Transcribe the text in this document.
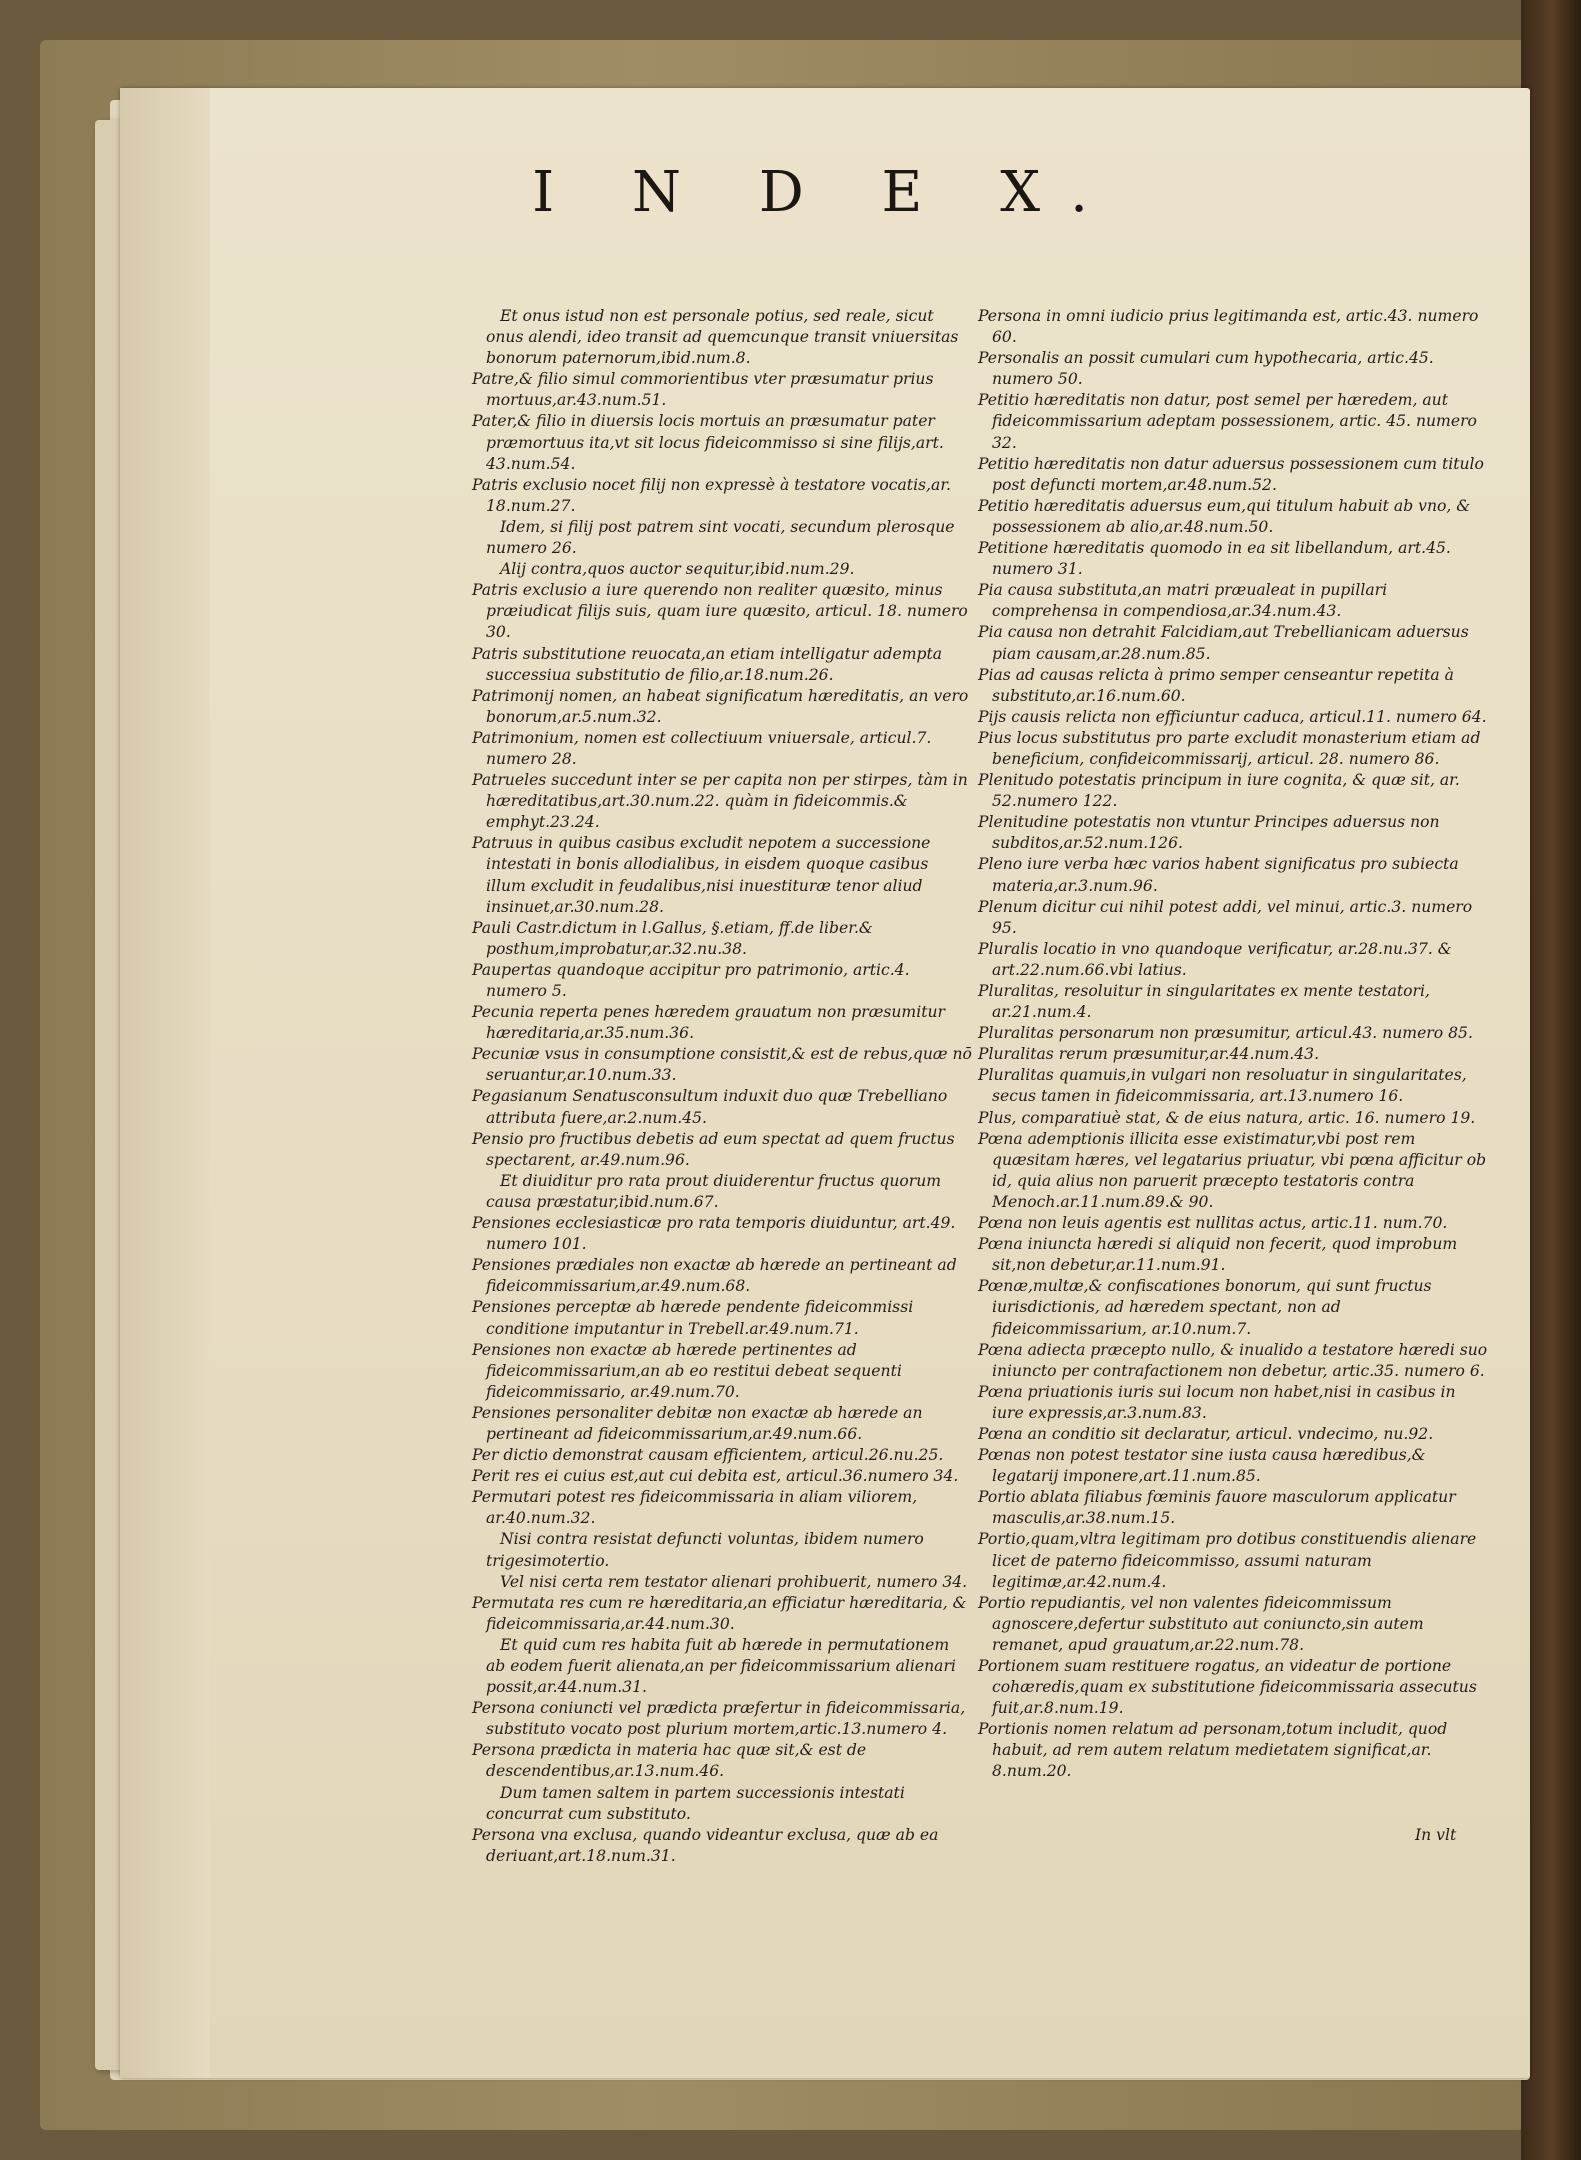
I N D E X.

Et onus istud non est personale potius, sed reale, sicut onus alendi, ideo transit ad quemcunque transit vniuersitas bonorum paternorum,ibid.num.8.

Patre,& filio simul commorientibus vter præsumatur prius mortuus,ar.43.num.51.

Pater,& filio in diuersis locis mortuis an præsumatur pater præmortuus ita,vt sit locus fideicommisso si sine filijs,art. 43.num.54.

Patris exclusio nocet filij non expressè à testatore vocatis,ar. 18.num.27.

Idem, si filij post patrem sint vocati, secundum plerosque numero 26.

Alij contra,quos auctor sequitur,ibid.num.29.

Patris exclusio a iure querendo non realiter quæsito, minus præiudicat filijs suis, quam iure quæsito, articul. 18. numero 30.

Patris substitutione reuocata,an etiam intelligatur adempta successiua substitutio de filio,ar.18.num.26.

Patrimonij nomen, an habeat significatum hæreditatis, an vero bonorum,ar.5.num.32.

Patrimonium, nomen est collectiuum vniuersale, articul.7. numero 28.

Patrueles succedunt inter se per capita non per stirpes, tàm in hæreditatibus,art.30.num.22. quàm in fideicommis.& emphyt.23.24.

Patruus in quibus casibus excludit nepotem a successione intestati in bonis allodialibus, in eisdem quoque casibus illum excludit in feudalibus,nisi inuestituræ tenor aliud insinuet,ar.30.num.28.

Pauli Castr.dictum in l.Gallus, §.etiam, ff.de liber.& posthum,improbatur,ar.32.nu.38.

Paupertas quandoque accipitur pro patrimonio, artic.4. numero 5.

Pecunia reperta penes hæredem grauatum non præsumitur hæreditaria,ar.35.num.36.

Pecuniæ vsus in consumptione consistit,& est de rebus,quæ nō seruantur,ar.10.num.33.

Pegasianum Senatusconsultum induxit duo quæ Trebelliano attributa fuere,ar.2.num.45.

Pensio pro fructibus debetis ad eum spectat ad quem fructus spectarent, ar.49.num.96.

Et diuiditur pro rata prout diuiderentur fructus quorum causa præstatur,ibid.num.67.

Pensiones ecclesiasticæ pro rata temporis diuiduntur, art.49. numero 101.

Pensiones prædiales non exactæ ab hærede an pertineant ad fideicommissarium,ar.49.num.68.

Pensiones perceptæ ab hærede pendente fideicommissi conditione imputantur in Trebell.ar.49.num.71.

Pensiones non exactæ ab hærede pertinentes ad fideicommissarium,an ab eo restitui debeat sequenti fideicommissario, ar.49.num.70.

Pensiones personaliter debitæ non exactæ ab hærede an pertineant ad fideicommissarium,ar.49.num.66.

Per dictio demonstrat causam efficientem, articul.26.nu.25.

Perit res ei cuius est,aut cui debita est, articul.36.numero 34.

Permutari potest res fideicommissaria in aliam viliorem, ar.40.num.32.

Nisi contra resistat defuncti voluntas, ibidem numero trigesimotertio.

Vel nisi certa rem testator alienari prohibuerit, numero 34.

Permutata res cum re hæreditaria,an efficiatur hæreditaria, & fideicommissaria,ar.44.num.30.

Et quid cum res habita fuit ab hærede in permutationem ab eodem fuerit alienata,an per fideicommissarium alienari possit,ar.44.num.31.

Persona coniuncti vel prædicta præfertur in fideicommissaria, substituto vocato post plurium mortem,artic.13.numero 4.

Persona prædicta in materia hac quæ sit,& est de descendentibus,ar.13.num.46.

Dum tamen saltem in partem successionis intestati concurrat cum substituto.

Persona vna exclusa, quando videantur exclusa, quæ ab ea deriuant,art.18.num.31.

Persona in omni iudicio prius legitimanda est, artic.43. numero 60.

Personalis an possit cumulari cum hypothecaria, artic.45. numero 50.

Petitio hæreditatis non datur, post semel per hæredem, aut fideicommissarium adeptam possessionem, artic. 45. numero 32.

Petitio hæreditatis non datur aduersus possessionem cum titulo post defuncti mortem,ar.48.num.52.

Petitio hæreditatis aduersus eum,qui titulum habuit ab vno, & possessionem ab alio,ar.48.num.50.

Petitione hæreditatis quomodo in ea sit libellandum, art.45. numero 31.

Pia causa substituta,an matri præualeat in pupillari comprehensa in compendiosa,ar.34.num.43.

Pia causa non detrahit Falcidiam,aut Trebellianicam aduersus piam causam,ar.28.num.85.

Pias ad causas relicta à primo semper censeantur repetita à substituto,ar.16.num.60.

Pijs causis relicta non efficiuntur caduca, articul.11. numero 64.

Pius locus substitutus pro parte excludit monasterium etiam ad beneficium, confideicommissarij, articul. 28. numero 86.

Plenitudo potestatis principum in iure cognita, & quæ sit, ar. 52.numero 122.

Plenitudine potestatis non vtuntur Principes aduersus non subditos,ar.52.num.126.

Pleno iure verba hæc varios habent significatus pro subiecta materia,ar.3.num.96.

Plenum dicitur cui nihil potest addi, vel minui, artic.3. numero 95.

Pluralis locatio in vno quandoque verificatur, ar.28.nu.37. & art.22.num.66.vbi latius.

Pluralitas, resoluitur in singularitates ex mente testatori, ar.21.num.4.

Pluralitas personarum non præsumitur, articul.43. numero 85.

Pluralitas rerum præsumitur,ar.44.num.43.

Pluralitas quamuis,in vulgari non resoluatur in singularitates, secus tamen in fideicommissaria, art.13.numero 16.

Plus, comparatiuè stat, & de eius natura, artic. 16. numero 19.

Pœna ademptionis illicita esse existimatur,vbi post rem quæsitam hæres, vel legatarius priuatur, vbi pœna afficitur ob id, quia alius non paruerit præcepto testatoris contra Menoch.ar.11.num.89.& 90.

Pœna non leuis agentis est nullitas actus, artic.11. num.70.

Pœna iniuncta hæredi si aliquid non fecerit, quod improbum sit,non debetur,ar.11.num.91.

Pœnæ,multæ,& confiscationes bonorum, qui sunt fructus iurisdictionis, ad hæredem spectant, non ad fideicommissarium, ar.10.num.7.

Pœna adiecta præcepto nullo, & inualido a testatore hæredi suo iniuncto per contrafactionem non debetur, artic.35. numero 6.

Pœna priuationis iuris sui locum non habet,nisi in casibus in iure expressis,ar.3.num.83.

Pœna an conditio sit declaratur, articul. vndecimo, nu.92.

Pœnas non potest testator sine iusta causa hæredibus,& legatarij imponere,art.11.num.85.

Portio ablata filiabus fœminis fauore masculorum applicatur masculis,ar.38.num.15.

Portio,quam,vltra legitimam pro dotibus constituendis alienare licet de paterno fideicommisso, assumi naturam legitimæ,ar.42.num.4.

Portio repudiantis, vel non valentes fideicommissum agnoscere,defertur substituto aut coniuncto,sin autem remanet, apud grauatum,ar.22.num.78.

Portionem suam restituere rogatus, an videatur de portione cohæredis,quam ex substitutione fideicommissaria assecutus fuit,ar.8.num.19.

Portionis nomen relatum ad personam,totum includit, quod habuit, ad rem autem relatum medietatem significat,ar. 8.num.20.

In vlt
